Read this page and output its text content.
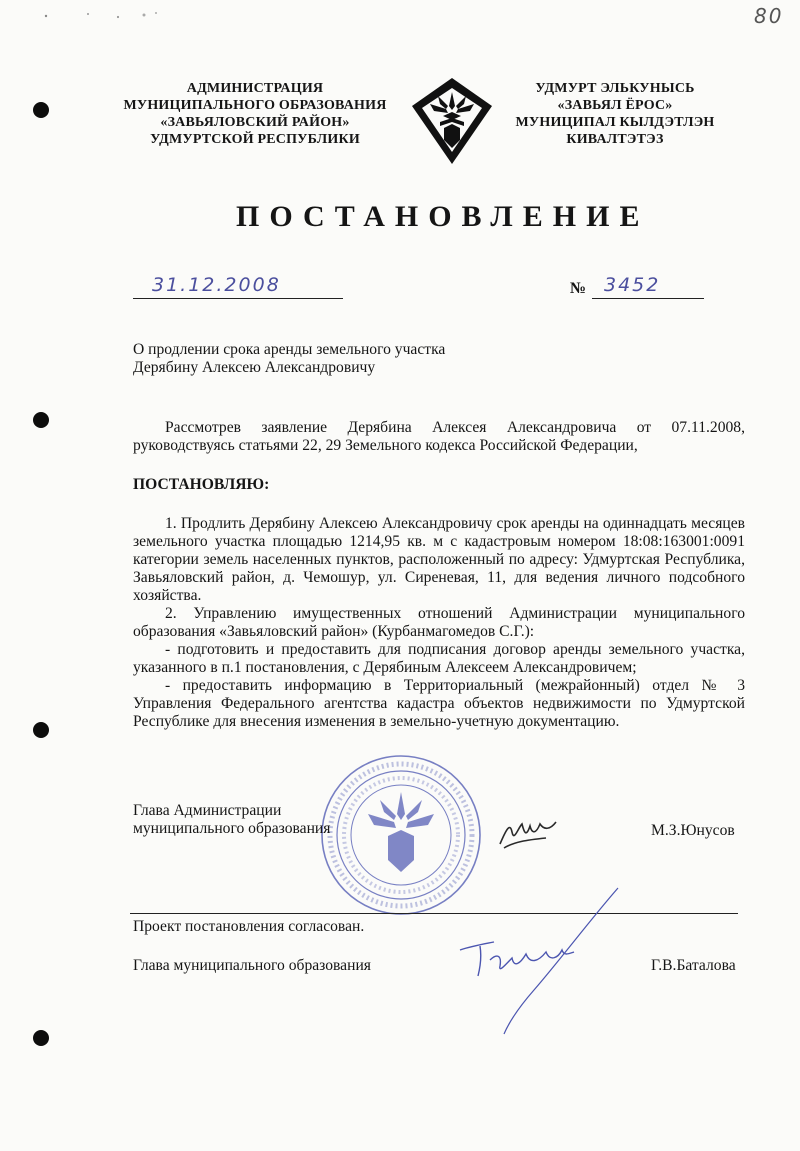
80
АДМИНИСТРАЦИЯ
МУНИЦИПАЛЬНОГО ОБРАЗОВАНИЯ
«ЗАВЬЯЛОВСКИЙ РАЙОН»
УДМУРТСКОЙ РЕСПУБЛИКИ
УДМУРТ ЭЛЬКУНЫСЬ
«ЗАВЬЯЛ ЁРОС»
МУНИЦИПАЛ КЫЛДЭТЛЭН
КИВАЛТЭТЭЗ
ПОСТАНОВЛЕНИЕ
31.12.2008	№ 3452
О продлении срока аренды земельного участка
Дерябину Алексею Александровичу
Рассмотрев заявление Дерябина Алексея Александровича от 07.11.2008, руководствуясь статьями 22, 29 Земельного кодекса Российской Федерации,
ПОСТАНОВЛЯЮ:

1. Продлить Дерябину Алексею Александровичу срок аренды на одиннадцать месяцев земельного участка площадью 1214,95 кв. м с кадастровым номером 18:08:163001:0091 категории земель населенных пунктов, расположенный по адресу: Удмуртская Республика, Завьяловский район, д. Чемошур, ул. Сиреневая, 11, для ведения личного подсобного хозяйства.

2. Управлению имущественных отношений Администрации муниципального образования «Завьяловский район» (Курбанмагомедов С.Г.):

- подготовить и предоставить для подписания договор аренды земельного участка, указанного в п.1 постановления, с Дерябиным Алексеем Александровичем;

- предоставить информацию в Территориальный (межрайонный) отдел № 3 Управления Федерального агентства кадастра объектов недвижимости по Удмуртской Республике для внесения изменения в земельно-учетную документацию.

Глава Администрации
муниципального образования	М.З.Юнусов
Проект постановления согласован.
Глава муниципального образования	Г.В.Баталова
